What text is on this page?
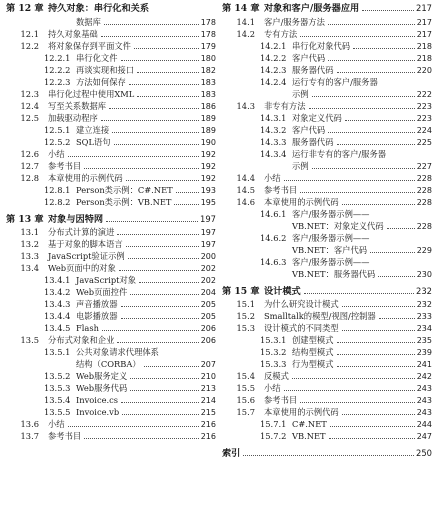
第 12 章 持久对象：串行化和关系
数据库	178
12.1 持久对象基础	178
12.2 将对象保存到平面文件	179
12.2.1 串行化文件	180
12.2.2 再谈实现和接口	182
12.2.3 方法如何保存	183
12.3 串行化过程中使用XML	183
12.4 写至关系数据库	186
12.5 加载驱动程序	189
12.5.1 建立连接	189
12.5.2 SQL语句	190
12.6 小结	192
12.7 参考书目	192
12.8 本章使用的示例代码	192
12.8.1 Person类示例：C#.NET	193
12.8.2 Person类示例：VB.NET	195
第 13 章 对象与因特网	197
13.1 分布式计算的演进	197
13.2 基于对象的脚本语言	197
13.3 JavaScript验证示例	200
13.4 Web页面中的对象	202
13.4.1 JavaScript对象	202
13.4.2 Web页面控件	204
13.4.3 声音播放器	205
13.4.4 电影播放器	205
13.4.5 Flash	206
13.5 分布式对象和企业	206
13.5.1 公共对象请求代理体系
结构（CORBA）	207
13.5.2 Web服务定义	210
13.5.3 Web服务代码	213
13.5.4 Invoice.cs	214
13.5.5 Invoice.vb	215
13.6 小结	216
13.7 参考书目	216
第 14 章 对象和客户/服务器应用	217
14.1 客户/服务器方法	217
14.2 专有方法	217
14.2.1 串行化对象代码	218
14.2.2 客户代码	218
14.2.3 服务器代码	220
14.2.4 运行专有的客户/服务器
示例	222
14.3 非专有方法	223
14.3.1 对象定义代码	223
14.3.2 客户代码	224
14.3.3 服务器代码	225
14.3.4 运行非专有的客户/服务器
示例	227
14.4 小结	228
14.5 参考书目	228
14.6 本章使用的示例代码	228
14.6.1 客户/服务器示例——
VB.NET：对象定义代码	228
14.6.2 客户/服务器示例——
VB.NET：客户代码	229
14.6.3 客户/服务器示例——
VB.NET：服务器代码	230
第 15 章 设计模式	232
15.1 为什么研究设计模式	232
15.2 Smalltalk的模型/视图/控制器	233
15.3 设计模式的不同类型	234
15.3.1 创建型模式	235
15.3.2 结构型模式	239
15.3.3 行为型模式	241
15.4 反模式	242
15.5 小结	243
15.6 参考书目	243
15.7 本章使用的示例代码	243
15.7.1 C#.NET	244
15.7.2 VB.NET	247
索引	250
